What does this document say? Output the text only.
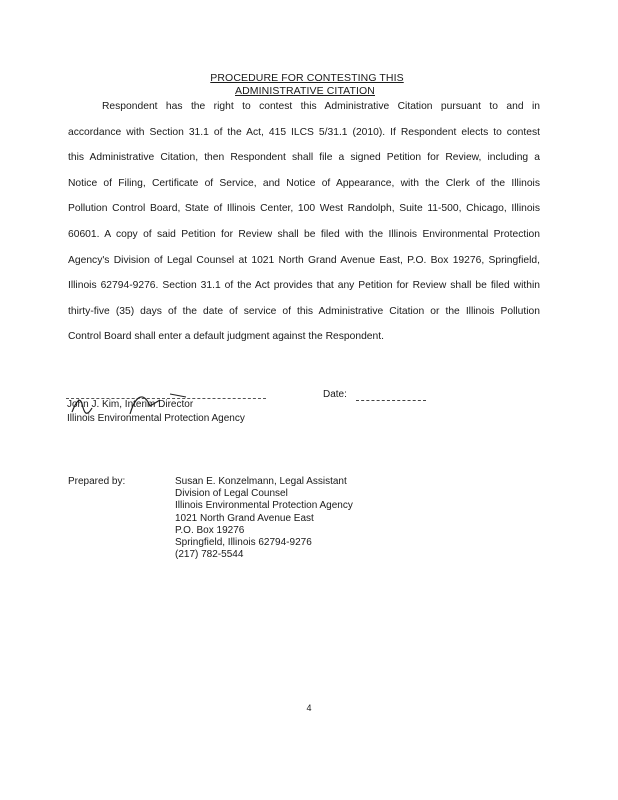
PROCEDURE FOR CONTESTING THIS
ADMINISTRATIVE CITATION
Respondent has the right to contest this Administrative Citation pursuant to and in
accordance with Section 31.1 of the Act, 415 ILCS 5/31.1 (2010). If Respondent elects to contest
this Administrative Citation, then Respondent shall file a signed Petition for Review, including a
Notice of Filing, Certificate of Service, and Notice of Appearance, with the Clerk of the Illinois
Pollution Control Board, State of Illinois Center, 100 West Randolph, Suite 11-500, Chicago, Illinois
60601. A copy of said Petition for Review shall be filed with the Illinois Environmental Protection
Agency's Division of Legal Counsel at 1021 North Grand Avenue East, P.O. Box 19276, Springfield,
Illinois 62794-9276. Section 31.1 of the Act provides that any Petition for Review shall be filed within
thirty-five (35) days of the date of service of this Administrative Citation or the Illinois Pollution
Control Board shall enter a default judgment against the Respondent.
John J. Kim, Interim Director
Illinois Environmental Protection Agency
Date:
Prepared by:	Susan E. Konzelmann, Legal Assistant
Division of Legal Counsel
Illinois Environmental Protection Agency
1021 North Grand Avenue East
P.O. Box 19276
Springfield, Illinois 62794-9276
(217) 782-5544
4
